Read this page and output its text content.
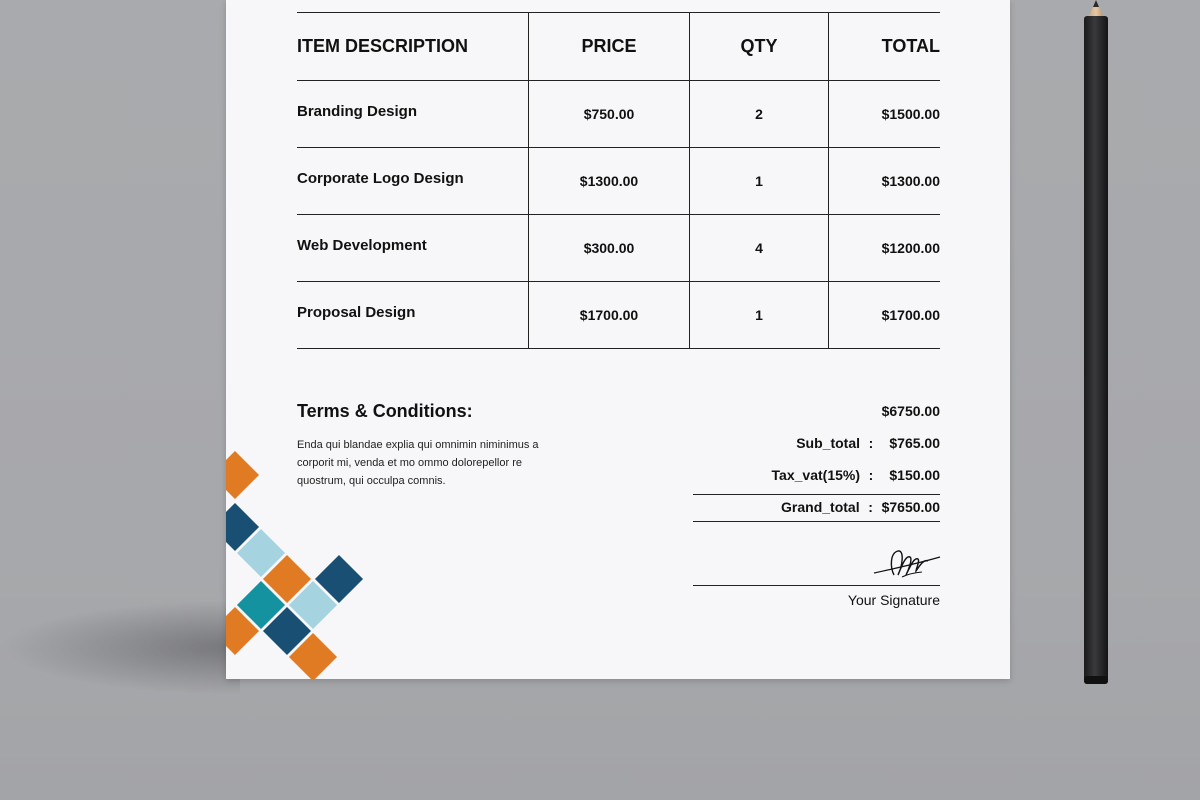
ITEM DESCRIPTION	PRICE	QTY	TOTAL
Branding Design	$750.00	2	$1500.00
Corporate Logo Design	$1300.00	1	$1300.00
Web Development	$300.00	4	$1200.00
Proposal Design	$1700.00	1	$1700.00
Terms & Conditions:
Enda qui blandae explia qui omnimin niminimus a corporit mi, venda et mo ommo dolorepellor re quostrum, qui occulpa comnis.
$6750.00
Sub_total :	$765.00
Tax_vat(15%) :	$150.00
Grand_total : $7650.00
Your Signature
